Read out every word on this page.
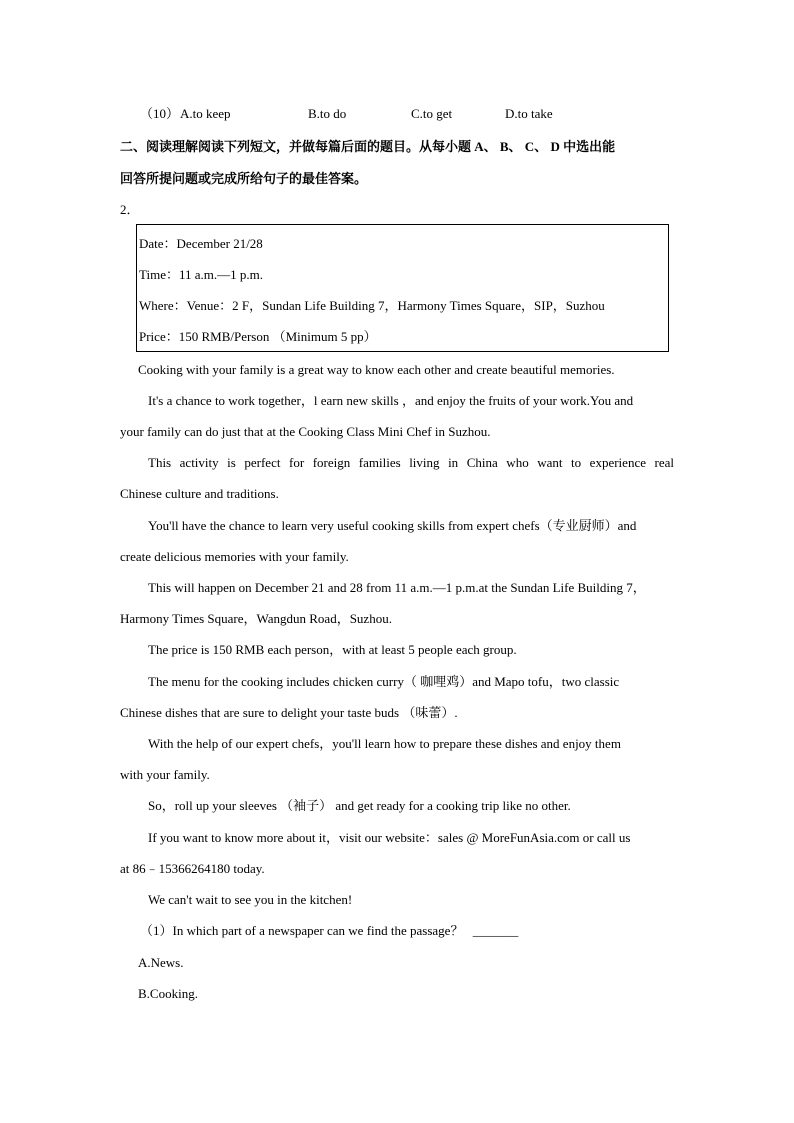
（10） A.to keep	B.to do	C.to get	D.to take
二、阅读理解阅读下列短文，并做每篇后面的题目。从每小题 A、 B、 C、 D 中选出能
回答所提问题或完成所给句子的最佳答案。
2．
Date：December 21/28
Time：11 a.m.—1 p.m.
Where：Venue：2 F，Sundan Life Building 7，Harmony Times Square，SIP，Suzhou
Price：150 RMB/Person （Minimum 5 pp）
Cooking with your family is a great way to know each other and create beautiful memories.
It's a chance to work together，l earn new skills ，and enjoy the fruits of your work.You and
your family can do just that at the Cooking Class Mini Chef in Suzhou.
This activity is perfect for foreign families living in China who want to experience real
Chinese culture and traditions.
You'll have the chance to learn very useful cooking skills from expert chefs（专业厨师）and
create delicious memories with your family.
This will happen on December 21 and 28 from 11 a.m.—1 p.m.at the Sundan Life Building 7，
Harmony Times Square，Wangdun Road，Suzhou.
The price is 150 RMB each person，with at least 5 people each group.
The menu for the cooking includes chicken curry（ 咖哩鸡）and Mapo tofu，two classic
Chinese dishes that are sure to delight your taste buds （味蕾）.
With the help of our expert chefs，you'll learn how to prepare these dishes and enjoy them
with your family.
So，roll up your sleeves （袖子） and get ready for a cooking trip like no other.
If you want to know more about it，visit our website：sales @ MoreFunAsia.com or call us
at 86﹣15366264180 today.
We can't wait to see you in the kitchen!
（1）In which part of a newspaper can we find the passage？ _______
A.News.
B.Cooking.
